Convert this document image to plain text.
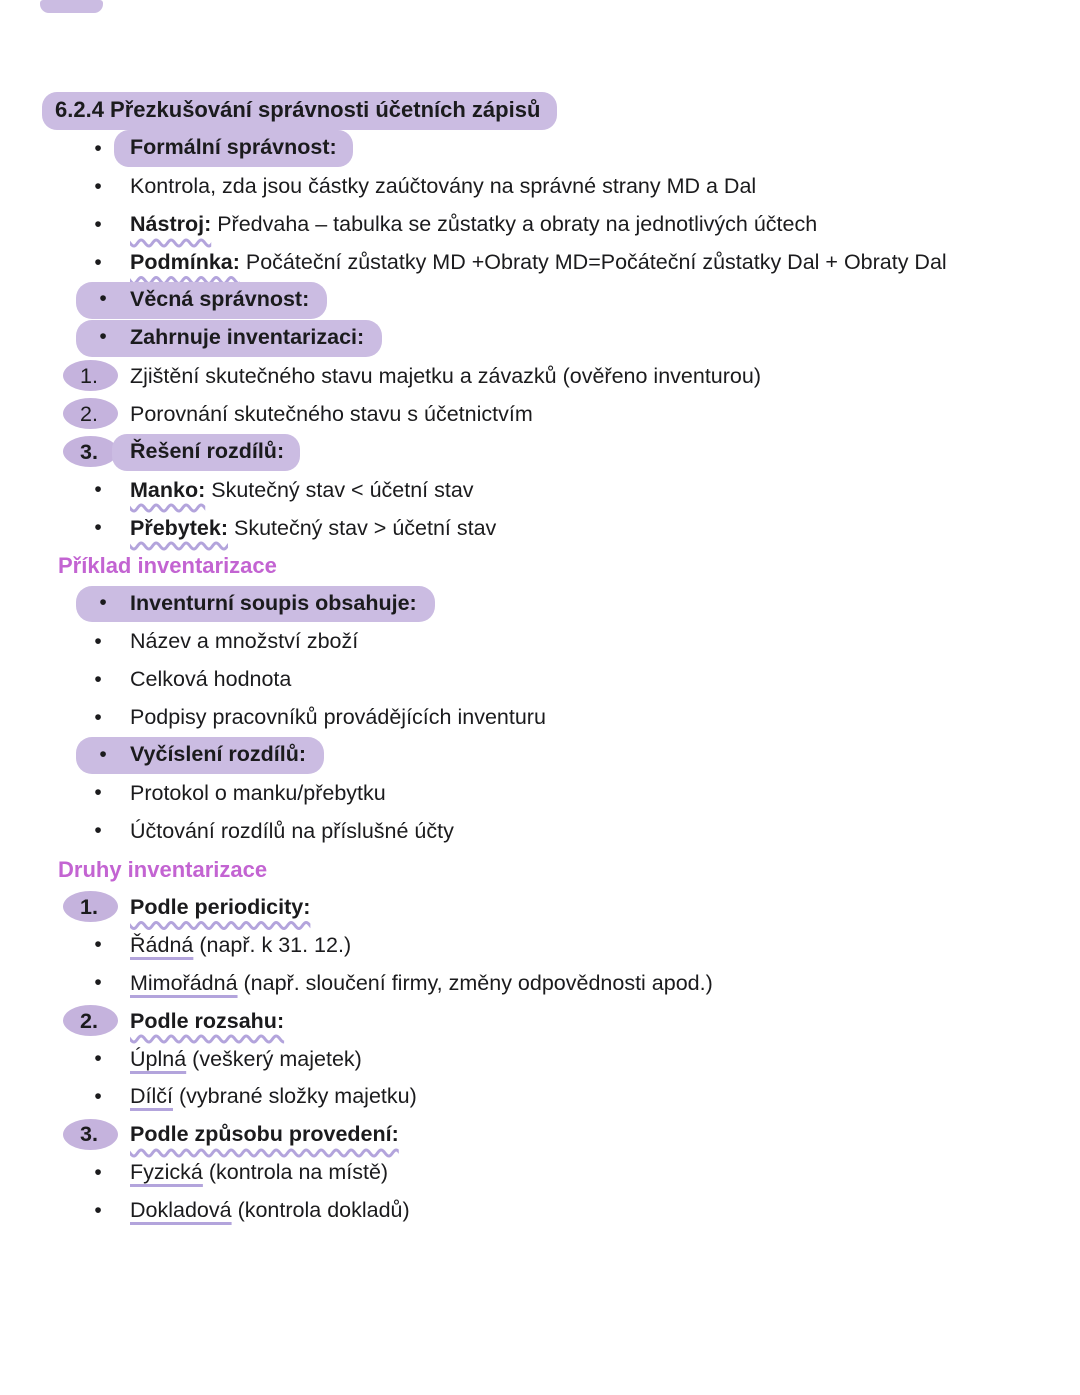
6.2.4 Přezkušování správnosti účetních zápisů
•	Formální správnost:
• Kontrola, zda jsou částky zaúčtovány na správné strany MD a Dal
• Nástroj: Předvaha – tabulka se zůstatky a obraty na jednotlivých účtech
• Podmínka: Počáteční zůstatky MD +Obraty MD=Počáteční zůstatky Dal + Obraty Dal
•	Věcná správnost:
•	Zahrnuje inventarizaci:
1. Zjištění skutečného stavu majetku a závazků (ověřeno inventurou)
2. Porovnání skutečného stavu s účetnictvím
3.	Řešení rozdílů:
• Manko: Skutečný stav < účetní stav
• Přebytek: Skutečný stav > účetní stav
Příklad inventarizace
•	Inventurní soupis obsahuje:
• Název a množství zboží
• Celková hodnota
• Podpisy pracovníků provádějících inventuru
•	Vyčíslení rozdílů:
• Protokol o manku/přebytku
• Účtování rozdílů na příslušné účty
Druhy inventarizace
1. Podle periodicity:
• Řádná (např. k 31. 12.)
• Mimořádná (např. sloučení firmy, změny odpovědnosti apod.)
2. Podle rozsahu:
• Úplná (veškerý majetek)
• Dílčí (vybrané složky majetku)
3. Podle způsobu provedení:
• Fyzická (kontrola na místě)
• Dokladová (kontrola dokladů)
